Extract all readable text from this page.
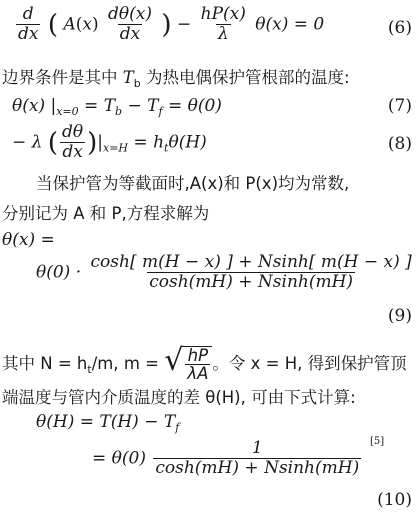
$\frac{d}{dx}$ ( $A(x) \frac{d\theta(x)}{dx}$ ) − $\frac{hP(x)}{\lambda} \theta(x) = 0$	(6)
边界条件是其中 $T_b$ 为热电偶保护管根部的温度:
θ(x) $|_{x=0} = T_b - T_f = \theta(0)$	(7)
− λ ( $\frac{d\theta}{dx} )|_{x=H} = h_t\theta(H)$	(8)
当保护管为等截面时,A(x)和 P(x)均为常数,
分别记为 A 和 P,方程求解为
θ(x) =
$\theta(0) \cdot \frac{\cosh[ m(H - x) ] + Nsinh[ m(H - x) ]}{\cosh(mH) + Nsinh(mH)}$
(9)
其中 $N = h_t/m$, m = √ $\frac{hP}{\lambda A}$ 。令 x = H, 得到保护管顶
端温度与管内介质温度的差 θ(H), 可由下式计算:
$\theta(H) = T(H) - T_f$
= $\theta(0) \frac{1}{\cosh(mH) + Nsinh(mH)} [5]$
(10)
